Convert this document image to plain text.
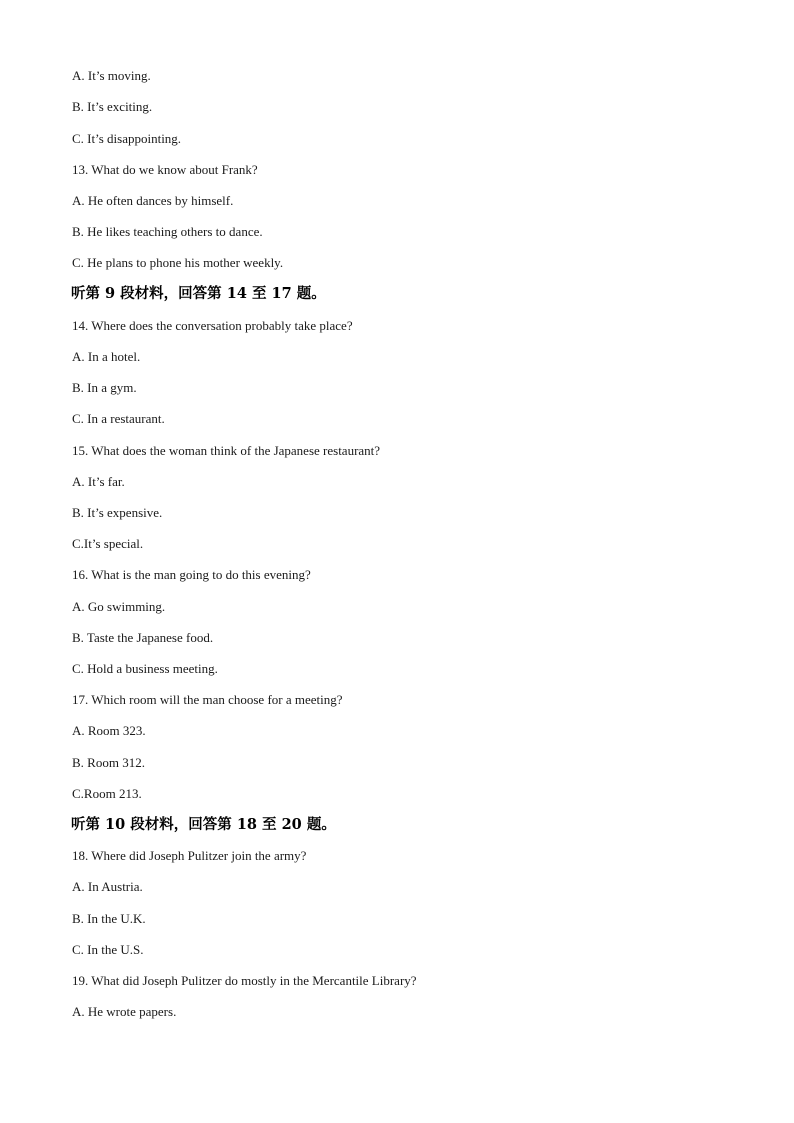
A. It’s moving.
B. It’s exciting.
C. It’s disappointing.
13. What do we know about Frank?
A. He often dances by himself.
B. He likes teaching others to dance.
C. He plans to phone his mother weekly.
听第 9 段材料，回答第 14 至 17 题。
14. Where does the conversation probably take place?
A. In a hotel.
B. In a gym.
C. In a restaurant.
15. What does the woman think of the Japanese restaurant?
A. It’s far.
B. It’s expensive.
C.It’s special.
16. What is the man going to do this evening?
A. Go swimming.
B. Taste the Japanese food.
C. Hold a business meeting.
17. Which room will the man choose for a meeting?
A. Room 323.
B. Room 312.
C.Room 213.
听第 10 段材料，回答第 18 至 20 题。
18. Where did Joseph Pulitzer join the army?
A. In Austria.
B. In the U.K.
C. In the U.S.
19. What did Joseph Pulitzer do mostly in the Mercantile Library?
A. He wrote papers.
